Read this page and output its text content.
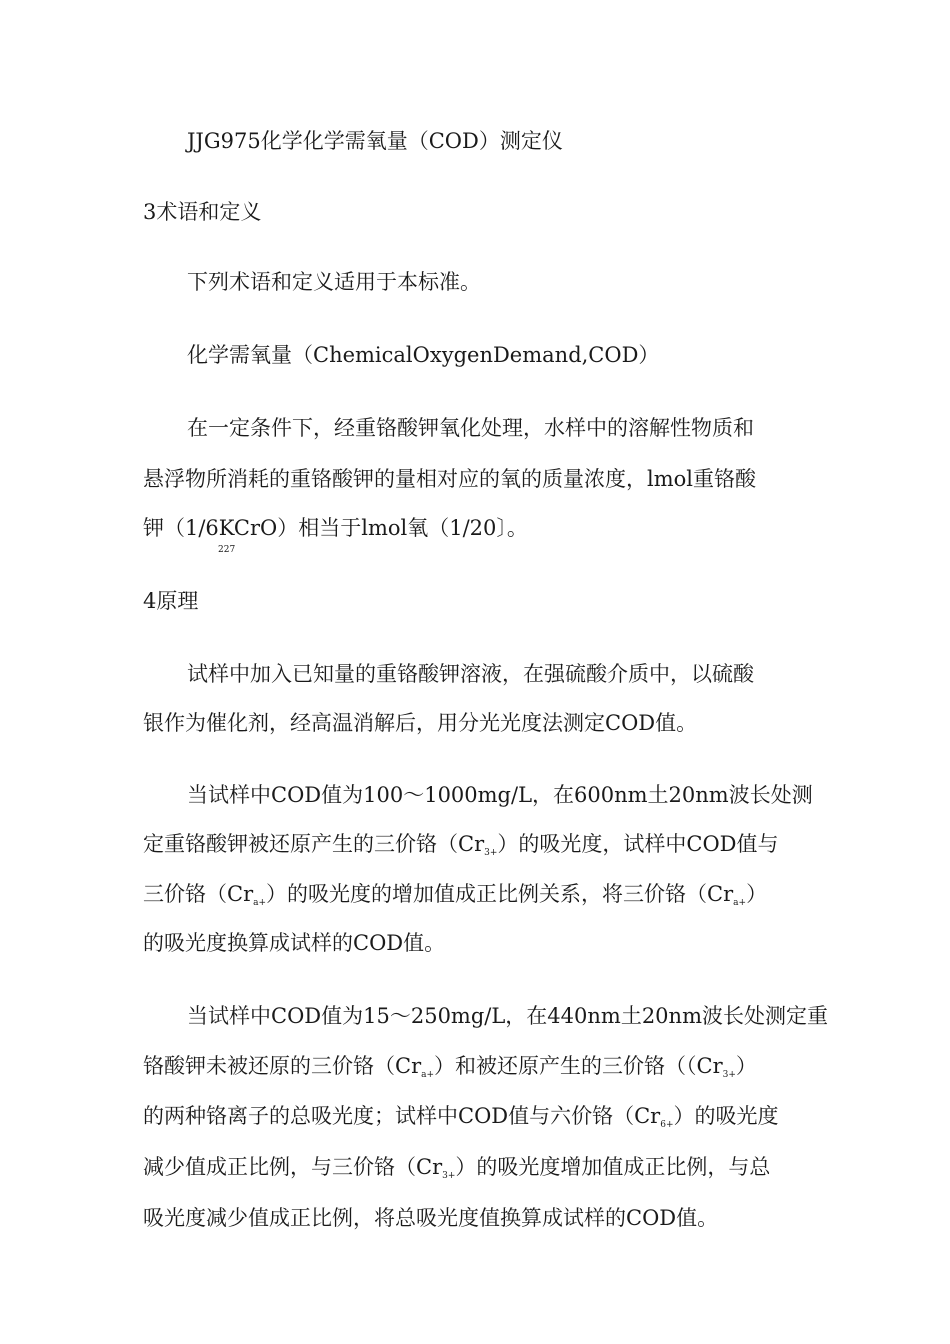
JJG975化学化学需氧量（COD）测定仪

3术语和定义

下列术语和定义适用于本标准。

化学需氧量（ChemicalOxygenDemand,COD）

在一定条件下，经重铬酸钾氧化处理，水样中的溶解性物质和

悬浮物所消耗的重铬酸钾的量相对应的氧的质量浓度，lmol重铬酸

钾（1/6KCrO）相当于lmol氧（1/20〕。

227

4原理

试样中加入已知量的重铬酸钾溶液，在强硫酸介质中，以硫酸

银作为催化剂，经高温消解后，用分光光度法测定COD值。

当试样中COD值为100〜1000mg/L，在600nm土20nm波长处测

定重铬酸钾被还原产生的三价铬（Cr3+）的吸光度，试样中COD值与

三价铬（Cra+）的吸光度的增加值成正比例关系，将三价铬（Cra+）

的吸光度换算成试样的COD值。

当试样中COD值为15〜250mg/L，在440nm土20nm波长处测定重

铬酸钾未被还原的三价铬（Cra+）和被还原产生的三价铬（（Cr3+）

的两种铬离子的总吸光度；试样中COD值与六价铬（Cr6+）的吸光度

减少值成正比例，与三价铬（Cr3+）的吸光度增加值成正比例，与总

吸光度减少值成正比例，将总吸光度值换算成试样的COD值。
